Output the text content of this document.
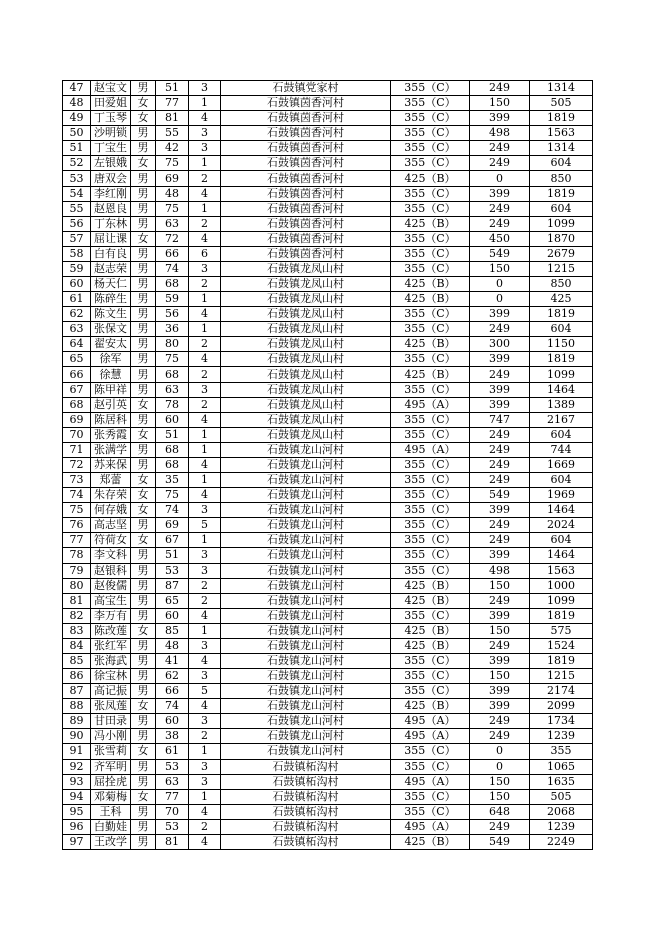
47	赵宝文	男	51	3	石鼓镇党家村	355（C）	249	1314
48	田爱姐	女	77	1	石鼓镇茵香河村	355（C）	150	505
49	丁玉琴	女	81	4	石鼓镇茵香河村	355（C）	399	1819
50	沙明锁	男	55	3	石鼓镇茵香河村	355（C）	498	1563
51	丁宝生	男	42	3	石鼓镇茵香河村	355（C）	249	1314
52	左银娥	女	75	1	石鼓镇茵香河村	355（C）	249	604
53	唐双会	男	69	2	石鼓镇茵香河村	425（B）	0	850
54	李红刚	男	48	4	石鼓镇茵香河村	355（C）	399	1819
55	赵恩良	男	75	1	石鼓镇茵香河村	355（C）	249	604
56	丁东林	男	63	2	石鼓镇茵香河村	425（B）	249	1099
57	屈让课	女	72	4	石鼓镇茵香河村	355（C）	450	1870
58	白有良	男	66	6	石鼓镇茵香河村	355（C）	549	2679
59	赵志荣	男	74	3	石鼓镇龙凤山村	355（C）	150	1215
60	杨天仁	男	68	2	石鼓镇龙凤山村	425（B）	0	850
61	陈碎生	男	59	1	石鼓镇龙凤山村	425（B）	0	425
62	陈文生	男	56	4	石鼓镇龙凤山村	355（C）	399	1819
63	张保文	男	36	1	石鼓镇龙凤山村	355（C）	249	604
64	翟安太	男	80	2	石鼓镇龙凤山村	425（B）	300	1150
65	徐军	男	75	4	石鼓镇龙凤山村	355（C）	399	1819
66	徐慧	男	68	2	石鼓镇龙凤山村	425（B）	249	1099
67	陈甲祥	男	63	3	石鼓镇龙凤山村	355（C）	399	1464
68	赵引英	女	78	2	石鼓镇龙凤山村	495（A）	399	1389
69	陈居科	男	60	4	石鼓镇龙凤山村	355（C）	747	2167
70	张秀霞	女	51	1	石鼓镇龙凤山村	355（C）	249	604
71	张满学	男	68	1	石鼓镇龙山河村	495（A）	249	744
72	苏来保	男	68	4	石鼓镇龙山河村	355（C）	249	1669
73	郑蕾	女	35	1	石鼓镇龙山河村	355（C）	249	604
74	朱存荣	女	75	4	石鼓镇龙山河村	355（C）	549	1969
75	何存娥	女	74	3	石鼓镇龙山河村	355（C）	399	1464
76	高志坚	男	69	5	石鼓镇龙山河村	355（C）	249	2024
77	符荷女	女	67	1	石鼓镇龙山河村	355（C）	249	604
78	李文科	男	51	3	石鼓镇龙山河村	355（C）	399	1464
79	赵银科	男	53	3	石鼓镇龙山河村	355（C）	498	1563
80	赵俊儒	男	87	2	石鼓镇龙山河村	425（B）	150	1000
81	高宝生	男	65	2	石鼓镇龙山河村	425（B）	249	1099
82	李万有	男	60	4	石鼓镇龙山河村	355（C）	399	1819
83	陈改莲	女	85	1	石鼓镇龙山河村	425（B）	150	575
84	张红军	男	48	3	石鼓镇龙山河村	425（B）	249	1524
85	张海武	男	41	4	石鼓镇龙山河村	355（C）	399	1819
86	徐宝林	男	62	3	石鼓镇龙山河村	355（C）	150	1215
87	高记振	男	66	5	石鼓镇龙山河村	355（C）	399	2174
88	张凤莲	女	74	4	石鼓镇龙山河村	425（B）	399	2099
89	甘田录	男	60	3	石鼓镇龙山河村	495（A）	249	1734
90	冯小刚	男	38	2	石鼓镇龙山河村	495（A）	249	1239
91	张雪莉	女	61	1	石鼓镇龙山河村	355（C）	0	355
92	齐军明	男	53	3	石鼓镇柘沟村	355（C）	0	1065
93	屈拴虎	男	63	3	石鼓镇柘沟村	495（A）	150	1635
94	邓菊梅	女	77	1	石鼓镇柘沟村	355（C）	150	505
95	王科	男	70	4	石鼓镇柘沟村	355（C）	648	2068
96	白勤娃	男	53	2	石鼓镇柘沟村	495（A）	249	1239
97	王改学	男	81	4	石鼓镇柘沟村	425（B）	549	2249
